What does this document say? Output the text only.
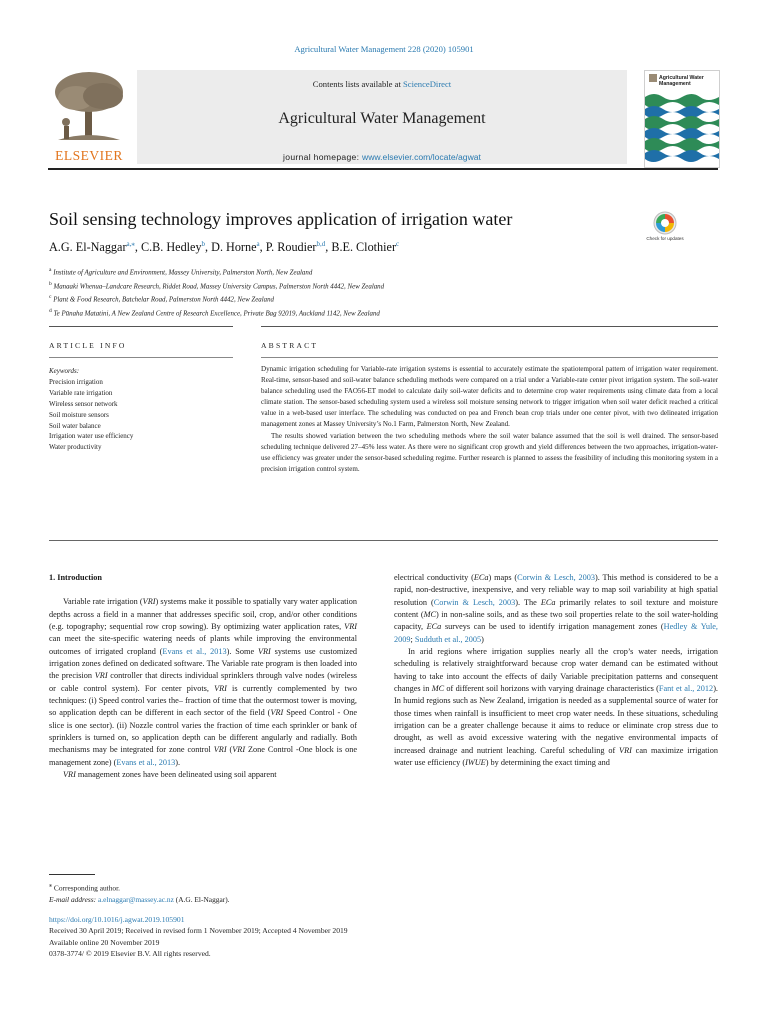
Agricultural Water Management 228 (2020) 105901
ELSEVIER
Contents lists available at ScienceDirect
Agricultural Water Management
journal homepage: www.elsevier.com/locate/agwat
Agricultural Water Management
Soil sensing technology improves application of irrigation water
A.G. El-Naggar$^{a,⁎}$, C.B. Hedley$^b$, D. Horne$^a$, P. Roudier$^{b,d}$, B.E. Clothier$^c$
Check for updates
$^a$ Institute of Agriculture and Environment, Massey University, Palmerston North, New Zealand
$^b$ Manaaki Whenua–Landcare Research, Riddet Road, Massey University Campus, Palmerston North 4442, New Zealand
$^c$ Plant & Food Research, Batchelar Road, Palmerston North 4442, New Zealand
$^d$ Te Pūnaha Matatini, A New Zealand Centre of Research Excellence, Private Bag 92019, Auckland 1142, New Zealand
ARTICLE INFO	ABSTRACT
Keywords:
Precision irrigation
Variable rate irrigation
Wireless sensor network
Soil moisture sensors
Soil water balance
Irrigation water use efficiency
Water productivity

Dynamic irrigation scheduling for Variable-rate irrigation systems is essential to accurately estimate the spatiotemporal pattern of irrigation water requirement. Real-time, sensor-based and soil-water balance scheduling methods were compared on a trial under a Variable-rate center pivot irrigation system. The soil-water balance scheduling used the FAO56-ET model to calculate daily soil-water deficits and to determine crop water requirements using climate data from a local climate station. The sensor-based scheduling system used a wireless soil moisture sensing network to trigger irrigation when soil water deficit reached a critical value in a web-based user interface. The scheduling was conducted on pea and French bean crop trials under one center pivot, with two delineated irrigation management zones at Massey University’s No.1 Farm, Palmerston North, New Zealand.

The results showed variation between the two scheduling methods where the soil water balance assumed that the soil is well drained. The sensor-based scheduling technique delivered 27–45% less water. As there were no significant crop growth and yield differences between the two approaches, irrigation-water-use efficiency was greater under the sensor-based scheduling regime. Further research is planned to assess the feasibility of including this monitoring system in a precision irrigation control system.

1. Introduction

Variable rate irrigation (VRI) systems make it possible to spatially vary water application depths across a field in a manner that addresses specific soil, crop, and/or other conditions (e.g. topography; sequential row crop sowing). By optimizing water application rates, VRI can meet the site-specific watering needs of plants while improving the environmental outcomes of irrigated cropland (Evans et al., 2013). Some VRI systems use customized irrigation zones defined on dedicated software. The Variable rate program is then loaded into the precision VRI controller that directs individual sprinklers through valve nodes (wireless or cable control system). For center pivots, VRI is currently complemented by two techniques: (i) Speed control varies the– fraction of time that the outermost tower is moving, so application depth can be different in each sector of the field (VRI Speed Control - One slice is one sector). (ii) Nozzle control varies the fraction of time each sprinkler or bank of sprinklers is turned on, so application depth can be different angularly and radially. Both mechanisms may be integrated for zone control VRI (VRI Zone Control -One block is one management zone) (Evans et al., 2013).

VRI management zones have been delineated using soil apparent

electrical conductivity (ECa) maps (Corwin & Lesch, 2003). This method is considered to be a rapid, non-destructive, inexpensive, and very reliable way to map soil variability at high spatial resolution (Corwin & Lesch, 2003). The ECa primarily relates to soil texture and moisture content (MC) in non-saline soils, and as these two soil properties relate to the soil water-holding capacity, ECa surveys can be used to identify irrigation management zones (Hedley & Yule, 2009; Sudduth et al., 2005)

In arid regions where irrigation supplies nearly all the crop’s water needs, irrigation scheduling is relatively straightforward because crop water demand can be estimated without having to take into account the effects of daily Variable precipitation patterns and consequent changes in MC of different soil horizons with varying drainage characteristics (Fant et al., 2012). In humid regions such as New Zealand, irrigation is needed as a supplemental source of water for those times when rainfall is insufficient to meet crop water needs. In these situations, scheduling irrigation can be a greater challenge because it aims to reduce or eliminate crop stress due to drought, as well as avoid excessive watering with the negative environmental impacts of increased drainage and nutrient leaching. Careful scheduling of VRI can maximize irrigation water use efficiency (IWUE) by determining the exact timing and

⁎ Corresponding author.

E-mail address: a.elnaggar@massey.ac.nz (A.G. El-Naggar).

https://doi.org/10.1016/j.agwat.2019.105901

Received 30 April 2019; Received in revised form 1 November 2019; Accepted 4 November 2019

Available online 20 November 2019

0378-3774/ © 2019 Elsevier B.V. All rights reserved.
